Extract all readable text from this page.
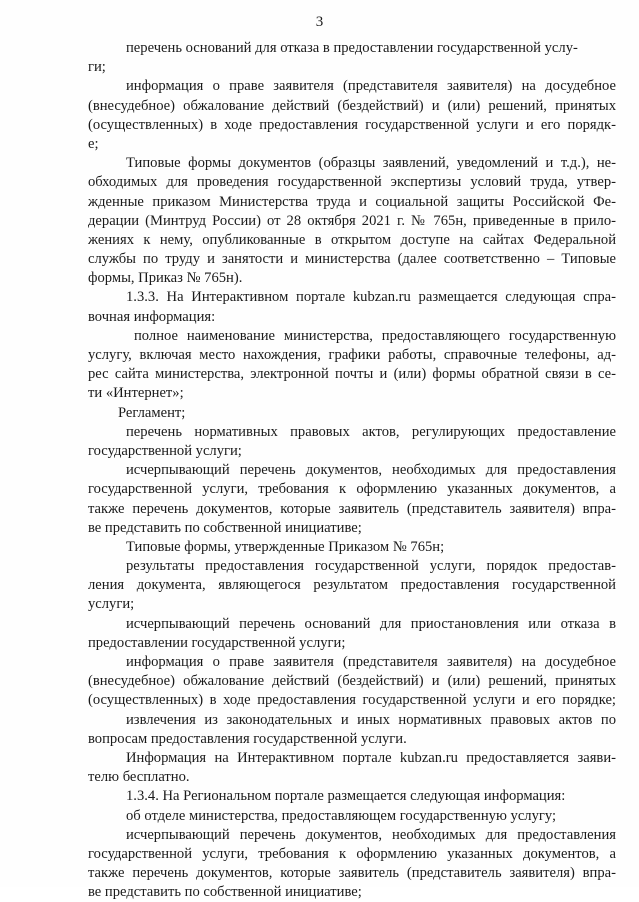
3
перечень оснований для отказа в предоставлении государственной услу-
ги;
информация о праве заявителя (представителя заявителя) на досудебное
(внесудебное) обжалование действий (бездействий) и (или) решений, принятых
(осуществленных) в ходе предоставления государственной услуги и его порядк-
е;
Типовые формы документов (образцы заявлений, уведомлений и т.д.), не-
обходимых для проведения государственной экспертизы условий труда, утвер-
жденные приказом Министерства труда и социальной защиты Российской Фе-
дерации (Минтруд России) от 28 октября 2021 г. № 765н, приведенные в прило-
жениях к нему, опубликованные в открытом доступе на сайтах Федеральной
службы по труду и занятости и министерства (далее соответственно – Типовые
формы, Приказ № 765н).
1.3.3. На Интерактивном портале kubzan.ru размещается следующая спра-
вочная информация:
полное наименование министерства, предоставляющего государственную
услугу, включая место нахождения, графики работы, справочные телефоны, ад-
рес сайта министерства, электронной почты и (или) формы обратной связи в се-
ти «Интернет»;
Регламент;
перечень нормативных правовых актов, регулирующих предоставление
государственной услуги;
исчерпывающий перечень документов, необходимых для предоставления
государственной услуги, требования к оформлению указанных документов, а
также перечень документов, которые заявитель (представитель заявителя) впра-
ве представить по собственной инициативе;
Типовые формы, утвержденные Приказом № 765н;
результаты предоставления государственной услуги, порядок предостав-
ления документа, являющегося результатом предоставления государственной
услуги;
исчерпывающий перечень оснований для приостановления или отказа в
предоставлении государственной услуги;
информация о праве заявителя (представителя заявителя) на досудебное
(внесудебное) обжалование действий (бездействий) и (или) решений, принятых
(осуществленных) в ходе предоставления государственной услуги и его порядке;
извлечения из законодательных и иных нормативных правовых актов по
вопросам предоставления государственной услуги.
Информация на Интерактивном портале kubzan.ru предоставляется заяви-
телю бесплатно.
1.3.4. На Региональном портале размещается следующая информация:
об отделе министерства, предоставляющем государственную услугу;
исчерпывающий перечень документов, необходимых для предоставления
государственной услуги, требования к оформлению указанных документов, а
также перечень документов, которые заявитель (представитель заявителя) впра-
ве представить по собственной инициативе;
